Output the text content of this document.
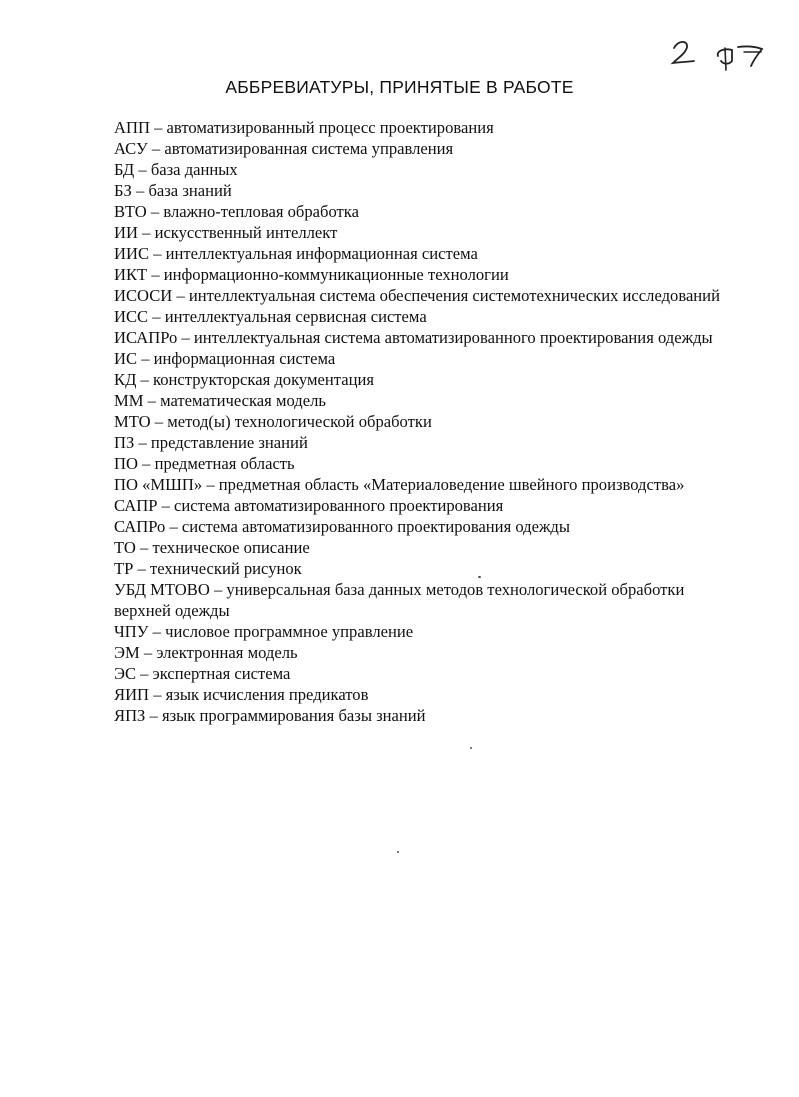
АББРЕВИАТУРЫ, ПРИНЯТЫЕ В РАБОТЕ

АПП – автоматизированный процесс проектирования

АСУ – автоматизированная система управления

БД – база данных

БЗ – база знаний

ВТО – влажно-тепловая обработка

ИИ – искусственный интеллект

ИИС – интеллектуальная информационная система

ИКТ – информационно-коммуникационные технологии

ИСОСИ – интеллектуальная система обеспечения системотехнических исследований

ИСС – интеллектуальная сервисная система

ИСАПРо – интеллектуальная система автоматизированного проектирования одежды

ИС – информационная система

КД – конструкторская документация

ММ – математическая модель

МТО – метод(ы) технологической обработки

ПЗ – представление знаний

ПО – предметная область

ПО «МШП» – предметная область «Материаловедение швейного производства»

САПР – система автоматизированного проектирования

САПРо – система автоматизированного проектирования одежды

ТО – техническое описание

ТР – технический рисунок

УБД МТОВО – универсальная база данных методов технологической обработки верхней одежды

ЧПУ – числовое программное управление

ЭМ – электронная модель

ЭС – экспертная система

ЯИП – язык исчисления предикатов

ЯПЗ – язык программирования базы знаний
